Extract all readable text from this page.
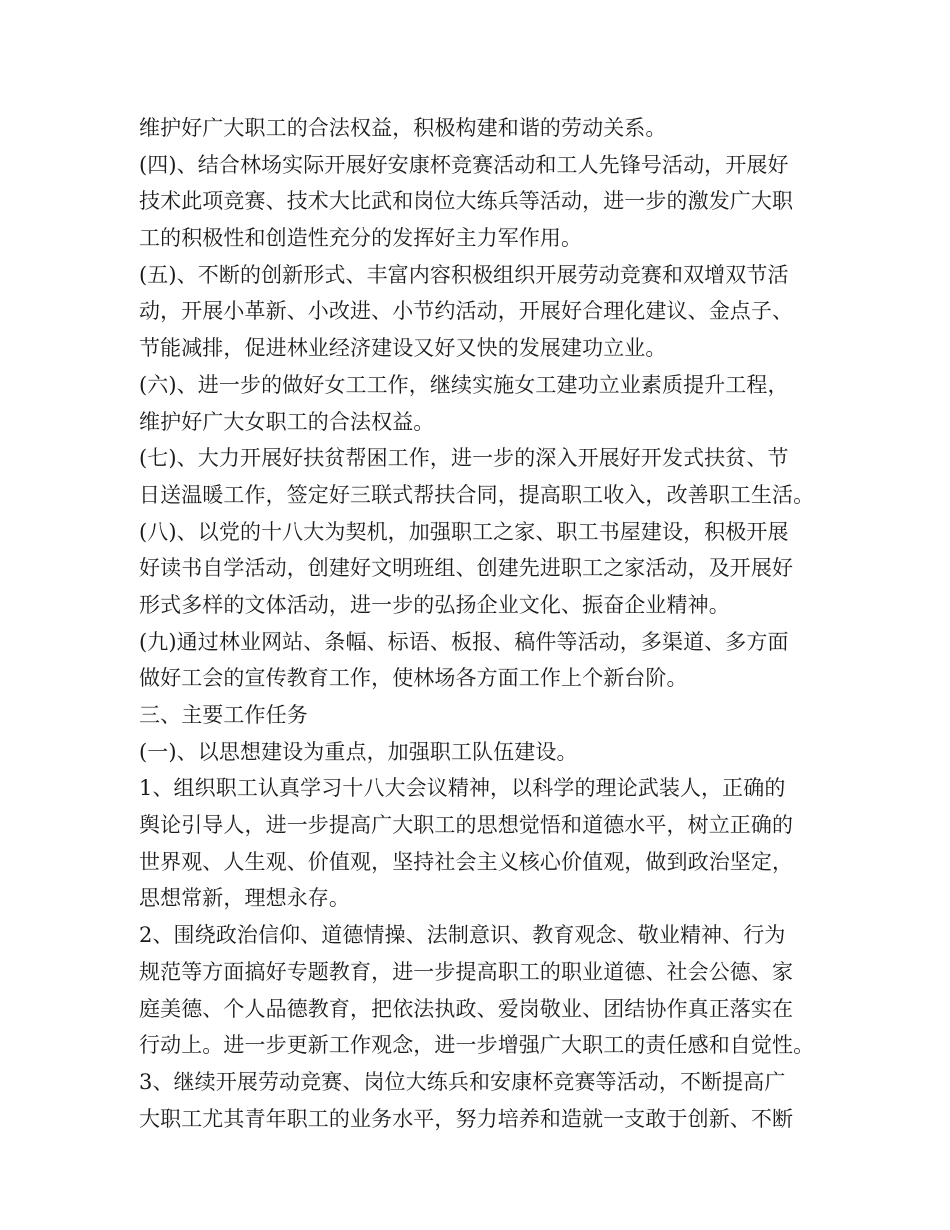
维护好广大职工的合法权益，积极构建和谐的劳动关系。
(四)、结合林场实际开展好安康杯竞赛活动和工人先锋号活动，开展好
技术此项竞赛、技术大比武和岗位大练兵等活动，进一步的激发广大职
工的积极性和创造性充分的发挥好主力军作用。
(五)、不断的创新形式、丰富内容积极组织开展劳动竞赛和双增双节活
动，开展小革新、小改进、小节约活动，开展好合理化建议、金点子、
节能减排，促进林业经济建设又好又快的发展建功立业。
(六)、进一步的做好女工工作，继续实施女工建功立业素质提升工程，
维护好广大女职工的合法权益。
(七)、大力开展好扶贫帮困工作，进一步的深入开展好开发式扶贫、节
日送温暖工作，签定好三联式帮扶合同，提高职工收入，改善职工生活。
(八)、以党的十八大为契机，加强职工之家、职工书屋建设，积极开展
好读书自学活动，创建好文明班组、创建先进职工之家活动，及开展好
形式多样的文体活动，进一步的弘扬企业文化、振奋企业精神。
(九)通过林业网站、条幅、标语、板报、稿件等活动，多渠道、多方面
做好工会的宣传教育工作，使林场各方面工作上个新台阶。
三、主要工作任务
(一)、以思想建设为重点，加强职工队伍建设。
1、组织职工认真学习十八大会议精神，以科学的理论武装人，正确的
舆论引导人，进一步提高广大职工的思想觉悟和道德水平，树立正确的
世界观、人生观、价值观，坚持社会主义核心价值观，做到政治坚定，
思想常新，理想永存。
2、围绕政治信仰、道德情操、法制意识、教育观念、敬业精神、行为
规范等方面搞好专题教育，进一步提高职工的职业道德、社会公德、家
庭美德、个人品德教育，把依法执政、爱岗敬业、团结协作真正落实在
行动上。进一步更新工作观念，进一步增强广大职工的责任感和自觉性。
3、继续开展劳动竞赛、岗位大练兵和安康杯竞赛等活动，不断提高广
大职工尤其青年职工的业务水平，努力培养和造就一支敢于创新、不断
